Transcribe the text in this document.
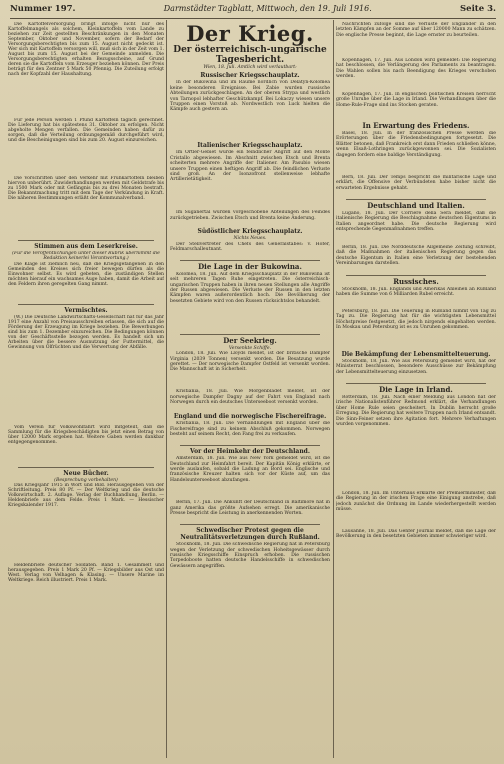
Nummer 197.	Darmstädter Tagblatt, Mittwoch, den 19. Juli 1916.	Seite 3.

Die Kartoffelversorgung bringt infolge nicht nur des Kartoffelmangels als solchem, Kleinkartoffeln vom Lande zu beziehen zur Zeit gestellten Beschränkungen in den Monaten September, Oktober und November, sofern der Bedarf der Versorgungsberechtigten bis zum 15. August nicht gedeckt ist. Wer sich mit Kartoffeln versorgen will, muß sich in der Zeit vom 1. August bis zum 15. August bei der Gemeinde anmelden. Die Versorgungsberechtigten erhalten Bezugsscheine, auf Grund deren sie die Kartoffeln vom Erzeuger beziehen können. Der Preis beträgt für den Zentner 5 Mark 50 Pfennig. Die Zuteilung erfolgt nach der Kopfzahl der Haushaltung.

Für jede Person werden 1 Pfund Kartoffeln täglich gerechnet. Die Lieferung hat bis spätestens 31. Oktober zu erfolgen. Nicht abgeholte Mengen verfallen. Die Gemeinden haben dafür zu sorgen, daß die Verteilung ordnungsgemäß durchgeführt wird, und die Bescheinigungen sind bis zum 20. August einzureichen.

Die Vorschriften über den Verkehr mit Frühkartoffeln bleiben hiervon unberührt. Zuwiderhandlungen werden mit Geldstrafe bis zu 1500 Mark oder mit Gefängnis bis zu drei Monaten bestraft. Die Bekanntmachung tritt mit dem Tage der Verkündung in Kraft. Die näheren Bestimmungen erläßt der Kommunalverband.

Stimmen aus dem Leserkreise.
(Für die Veröffentlichungen unter dieser Rubrik übernimmt die Redaktion keinerlei Verantwortung.)

Die Klage ist ziemlich neu, daß die Kriegsgefangenen in den Gemeinden des Kreises sich freier bewegen dürfen als die Einwohner selbst. Es wird gebeten, die zuständigen Stellen möchten hierauf ein wachsames Auge haben, damit die Arbeit auf den Feldern ihren geregelten Gang nimmt.

Vermischtes.

(W.) Die Deutsche Landwirtschafts-Gesellschaft hat für das Jahr 1917 eine Anzahl von Preisausschreiben erlassen, die sich auf die Förderung der Erzeugung im Kriege beziehen. Die Bewerbungen sind bis zum 1. Dezember einzureichen. Die Bedingungen können von der Geschäftsstelle bezogen werden. Es handelt sich um Arbeiten über die bessere Ausnutzung der Futtermittel, die Gewinnung von Ölfrüchten und die Verwertung der Abfälle.

Vom Verein für Volkswohlfahrt wird mitgeteilt, daß die Sammlung für die Kriegsbeschädigten bis jetzt einen Betrag von über 12000 Mark ergeben hat. Weitere Gaben werden dankbar entgegengenommen.

Neue Bücher.
(Besprechung vorbehalten)

Das Kriegsjahr 1915 in Wort und Bild. Herausgegeben von der Schriftleitung. Preis 80 Pf. — Der Weltkrieg und die deutsche Volkswirtschaft. 2. Auflage. Verlag der Buchhandlung, Berlin. — Heldenbriefe aus dem Felde. Preis 1 Mark. — Hessischer Kriegskalender 1917.

Heldenbriefe deutscher Soldaten. Band 1. Gesammelt und herausgegeben. Preis 1 Mark 20 Pf. — Kriegsbilder aus Ost und West. Verlag von Velhagen & Klasing. — Unsere Marine im Weltkriege. Reich illustriert. Preis 1 Mark.

Der Krieg.
Der österreichisch-ungarische Tagesbericht.
Wien, 18. Juli. Amtlich wird verlautbart:
Russischer Kriegsschauplatz.

In der Bukowina und im Raume nördlich von Delatyn-Kolomea keine besonderen Ereignisse. Bei Zabie wurden russische Abteilungen zurückgeschlagen. An der oberen Strypa und westlich von Tarnopol lebhafter Geschützkampf. Bei Lokaczy wiesen unsere Truppen einen Vorstoß ab. Nordwestlich von Luck hielten die Kämpfe auch gestern an.

Italienischer Kriegsschauplatz.

Im Ortler-Gebiet wurde ein feindlicher Angriff auf den Monte Cristallo abgewiesen. Im Abschnitt zwischen Etsch und Brenta scheiterten mehrere Angriffe der Italiener. Am Pasubio wiesen unsere Truppen einen heftigen Angriff ab. Die feindlichen Verluste sind groß. An der Isonzofront stellenweise lebhafte Artillerietätigkeit.

Im Suganertal wurden vorgeschobene Abteilungen des Feindes zurückgetrieben. Zwischen Etsch und Brenta keine Änderung.

Südöstlicher Kriegsschauplatz.
Nichts Neues.

Der Stellvertreter des Chefs des Generalstabes: v. Höfer, Feldmarschalleutnant.

Die Lage in der Bukowina.

Kolomea, 18. Juli. Auf dem Kriegsschauplatz in der Bukowina ist seit mehreren Tagen Ruhe eingetreten. Die österreichisch-ungarischen Truppen haben in ihren neuen Stellungen alle Angriffe der Russen abgewiesen. Die Verluste der Russen in den letzten Kämpfen waren außerordentlich hoch. Die Bevölkerung der besetzten Gebiete wird von den Russen rücksichtslos behandelt.

Der Seekrieg.
Versenkte Schiffe.

London, 18. Juli. Wie Lloyds meldet, ist der britische Dampfer Virginia (2039 Tonnen) versenkt worden. Die Besatzung wurde gerettet. — Der norwegische Dampfer Ostfeld ist versenkt worden. Die Mannschaft ist in Sicherheit.

Kristiania, 18. Juli. Wie Morgenbladet meldet, ist der norwegische Dampfer Dagny auf der Fahrt von England nach Norwegen durch ein deutsches Unterseeboot versenkt worden.

England und die norwegische Fischereifrage.

Kristiania, 18. Juli. Die Verhandlungen mit England über die Fischereifrage sind zu keinem Abschluß gekommen. Norwegen besteht auf seinem Recht, den Fang frei zu verkaufen.

Vor der Heimkehr der Deutschland.

Amsterdam, 18. Juli. Wie aus New York gemeldet wird, ist die Deutschland zur Heimfahrt bereit. Der Kapitän König erklärte, er werde auslaufen, sobald die Ladung an Bord sei. Englische und französische Kreuzer halten sich vor der Küste auf, um das Handelsunterseeboot abzufangen.

Berlin, 17. Juli. Die Ankunft der Deutschland in Baltimore hat in ganz Amerika das größte Aufsehen erregt. Die amerikanische Presse bespricht die Leistung in anerkennenden Worten.

Schwedischer Protest gegen die Neutralitätsverletzungen durch Rußland.

Stockholm, 18. Juli. Die schwedische Regierung hat in Petersburg wegen der Verletzung der schwedischen Hoheitsgewässer durch russische Kriegsschiffe Einspruch erhoben. Die russischen Torpedoboote hatten deutsche Handelsschiffe in schwedischen Gewässern angegriffen.

Nachrichten zufolge sind die Verluste der Engländer in den letzten Kämpfen an der Somme auf über 120000 Mann zu schätzen. Die englische Presse beginnt, die Lage ernster zu beurteilen.

Kopenhagen, 17. Juli. Aus London wird gemeldet: Die Regierung hat beschlossen, die Verlängerung des Parlaments zu beantragen. Die Wahlen sollen bis nach Beendigung des Krieges verschoben werden.

Kopenhagen, 17. Juli. In englischen politischen Kreisen herrscht große Unruhe über die Lage in Irland. Die Verhandlungen über die Home-Rule-Frage sind ins Stocken geraten.

In Erwartung des Friedens.

Basel, 18. Juli. In der französischen Presse werden die Erörterungen über die Friedensbedingungen fortgesetzt. Die Blätter betonen, daß Frankreich erst dann Frieden schließen könne, wenn Elsaß-Lothringen zurückgewonnen sei. Die Sozialisten dagegen fordern eine baldige Verständigung.

Bern, 18. Juli. Der Temps bespricht die militärische Lage und erklärt, die Offensive der Verbündeten habe bisher nicht die erwarteten Ergebnisse gehabt.

Deutschland und Italien.

Lugano, 18. Juli. Der Corriere della Sera meldet, daß die italienische Regierung die Beschlagnahme deutschen Eigentums in Italien angeordnet habe. Die deutsche Regierung wird entsprechende Gegenmaßnahmen treffen.

Berlin, 18. Juli. Die Norddeutsche Allgemeine Zeitung schreibt, daß die Maßnahmen der italienischen Regierung gegen das deutsche Eigentum in Italien eine Verletzung der bestehenden Vereinbarungen darstellen.

Russisches.

Stockholm, 18. Juli. Englands und Amerikas Anleihen an Rußland haben die Summe von 6 Milliarden Rubel erreicht.

Petersburg, 18. Juli. Die Teuerung in Rußland nimmt von Tag zu Tag zu. Die Regierung hat für die wichtigsten Lebensmittel Höchstpreise festgesetzt, die jedoch nirgends eingehalten werden. In Moskau und Petersburg ist es zu Unruhen gekommen.

Die Bekämpfung der Lebensmittelteuerung.

Stockholm, 18. Juli. Wie aus Petersburg gemeldet wird, hat der Ministerrat beschlossen, besondere Ausschüsse zur Bekämpfung der Lebensmittelteuerung einzusetzen.

Die Lage in Irland.

Rotterdam, 18. Juli. Nach einer Meldung aus London hat der irische Nationalistenführer Redmond erklärt, die Verhandlungen über Home Rule seien gescheitert. In Dublin herrscht große Erregung. Die Regierung hat weitere Truppen nach Irland entsandt. Die Sinn-Feiner setzen ihre Agitation fort. Mehrere Verhaftungen wurden vorgenommen.

London, 18. Juli. Im Unterhaus erklärte der Premierminister, daß die Regierung in der irischen Frage eine Einigung anstrebe, daß jedoch zunächst die Ordnung im Lande wiederhergestellt werden müsse.

Lausanne, 18. Juli. Das Genfer Journal meldet, daß die Lage der Bevölkerung in den besetzten Gebieten immer schwieriger wird.
